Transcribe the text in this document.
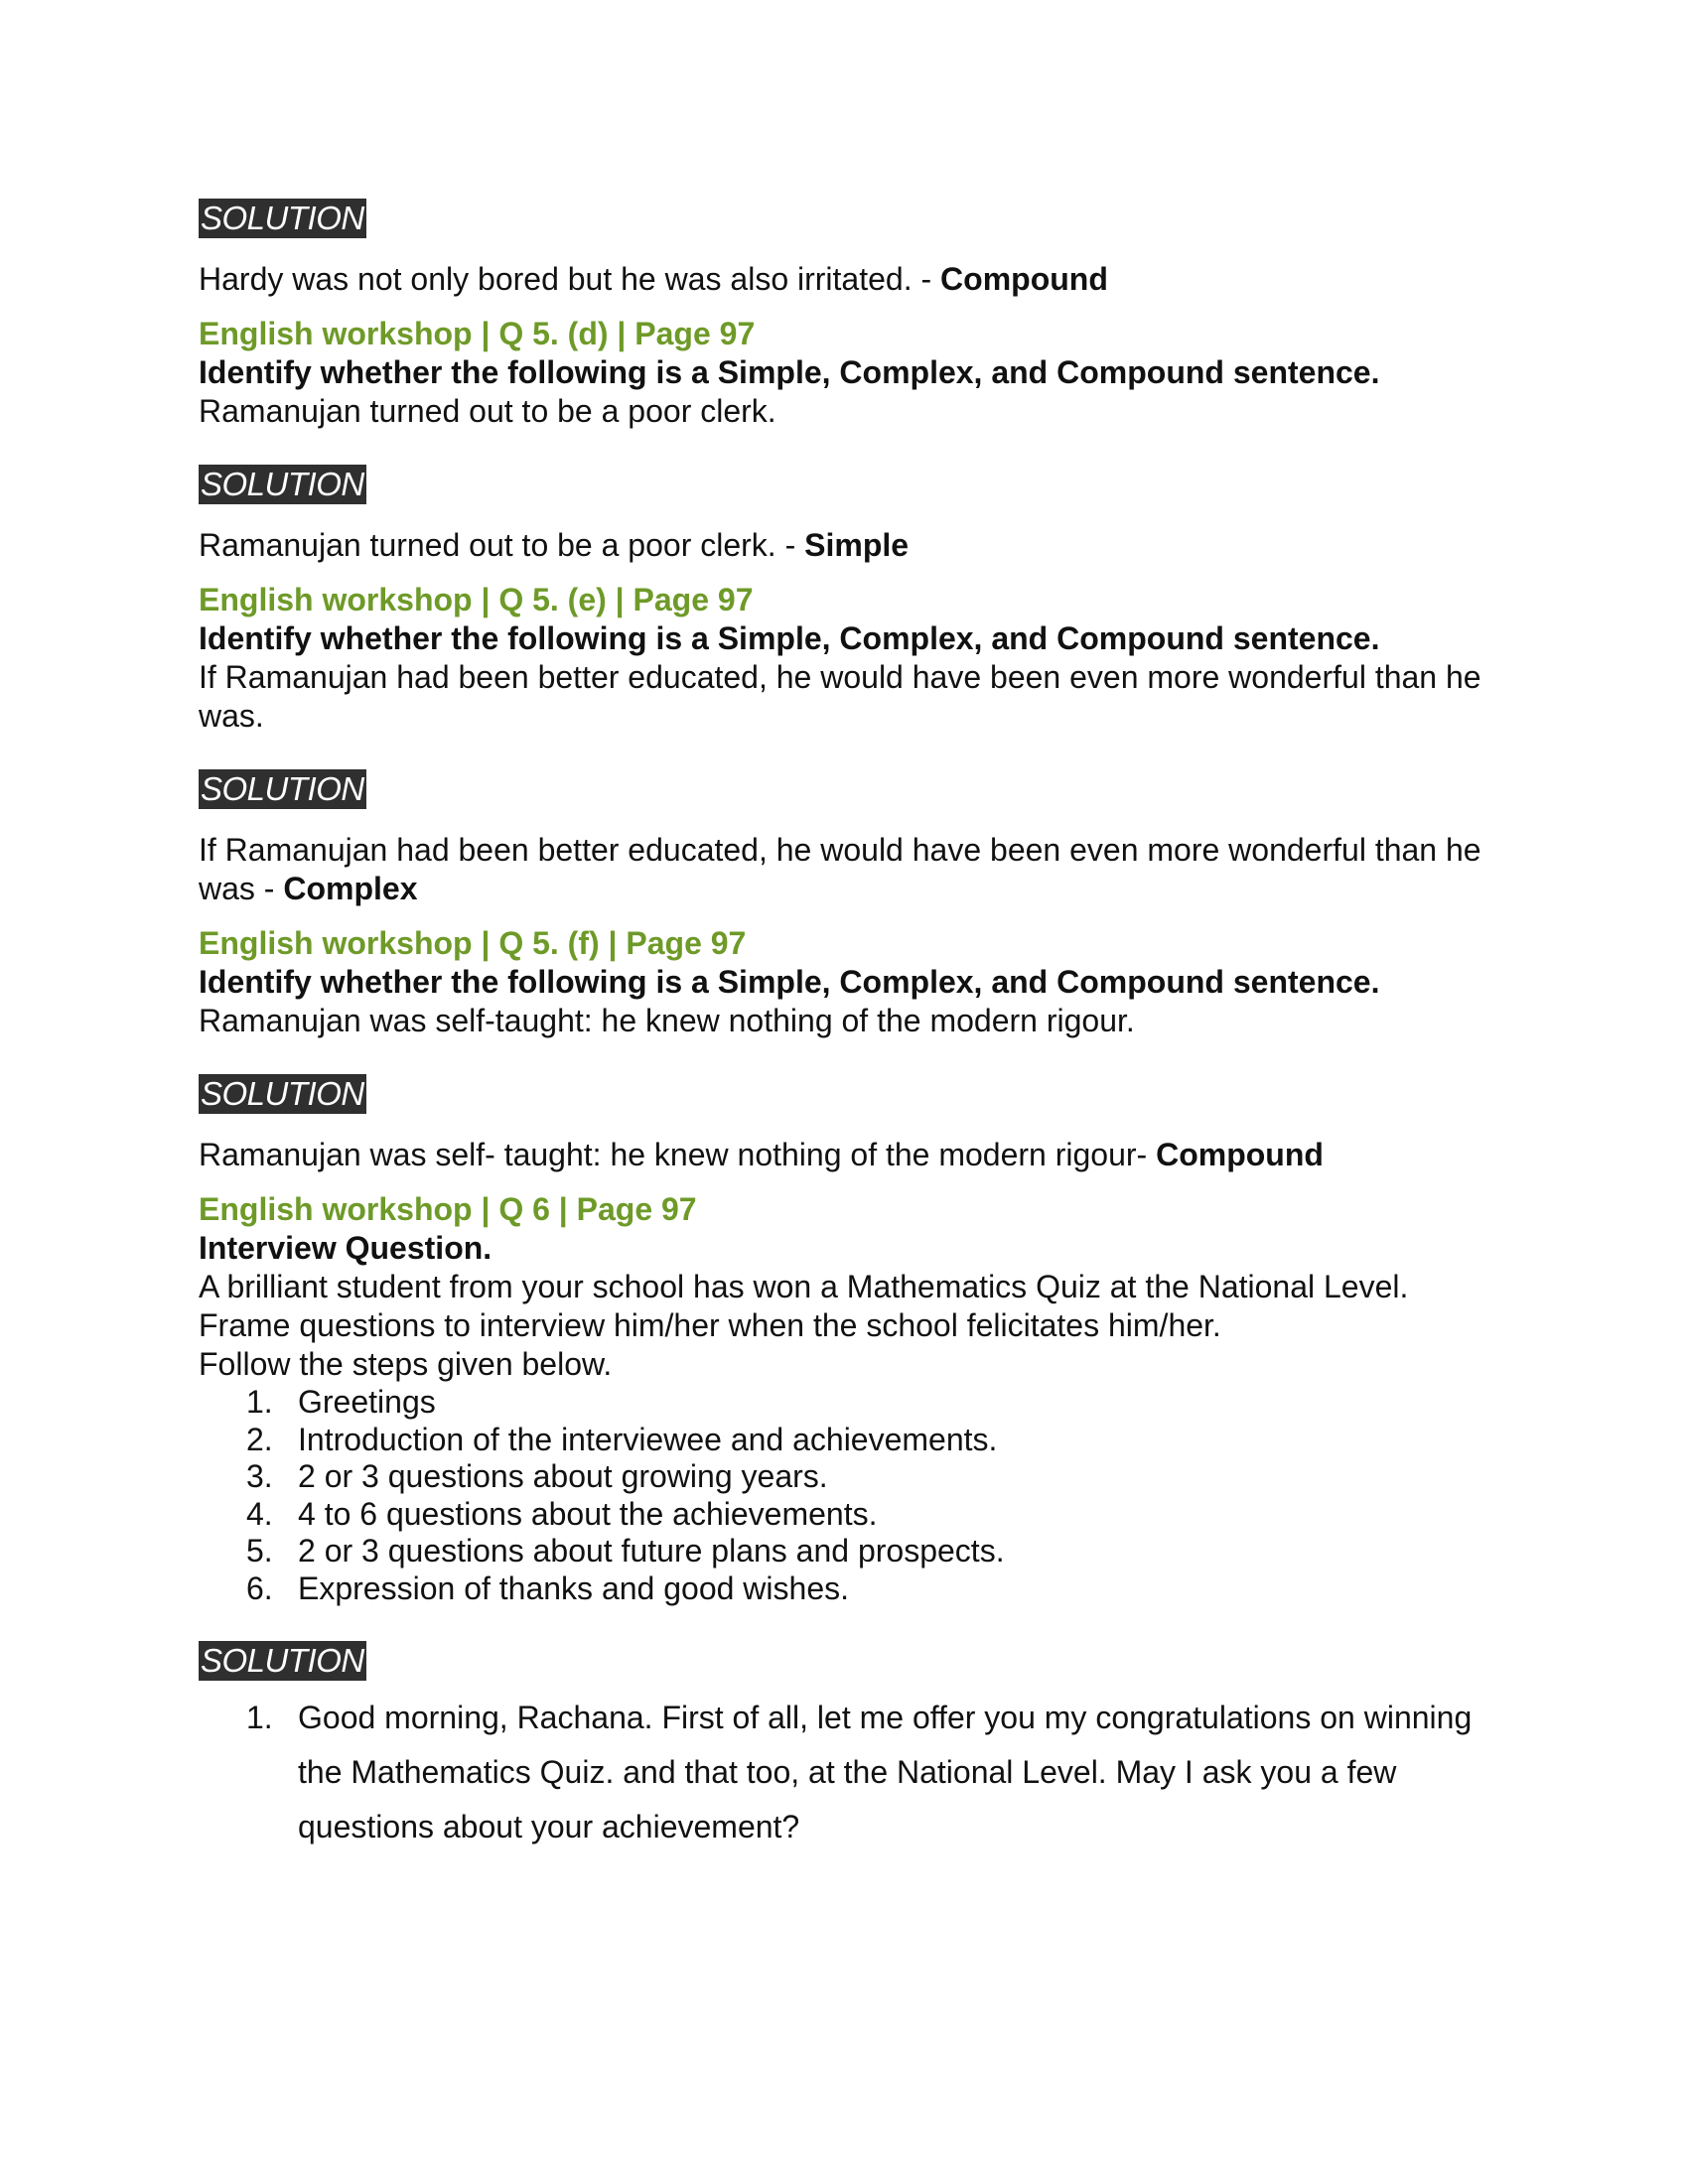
SOLUTION

Hardy was not only bored but he was also irritated. - Compound

English workshop | Q 5. (d) | Page 97

Identify whether the following is a Simple, Complex, and Compound sentence.

Ramanujan turned out to be a poor clerk.

SOLUTION

Ramanujan turned out to be a poor clerk. - Simple

English workshop | Q 5. (e) | Page 97

Identify whether the following is a Simple, Complex, and Compound sentence.

If Ramanujan had been better educated, he would have been even more wonderful than he was.

SOLUTION

If Ramanujan had been better educated, he would have been even more wonderful than he was - Complex

English workshop | Q 5. (f) | Page 97

Identify whether the following is a Simple, Complex, and Compound sentence.

Ramanujan was self-taught: he knew nothing of the modern rigour.

SOLUTION

Ramanujan was self- taught: he knew nothing of the modern rigour- Compound

English workshop | Q 6 | Page 97

Interview Question.

A brilliant student from your school has won a Mathematics Quiz at the National Level.

Frame questions to interview him/her when the school felicitates him/her.

Follow the steps given below.

1. Greetings
2. Introduction of the interviewee and achievements.
3. 2 or 3 questions about growing years.
4. 4 to 6 questions about the achievements.
5. 2 or 3 questions about future plans and prospects.
6. Expression of thanks and good wishes.
SOLUTION
1. Good morning, Rachana. First of all, let me offer you my congratulations on winning the Mathematics Quiz. and that too, at the National Level. May I ask you a few questions about your achievement?
